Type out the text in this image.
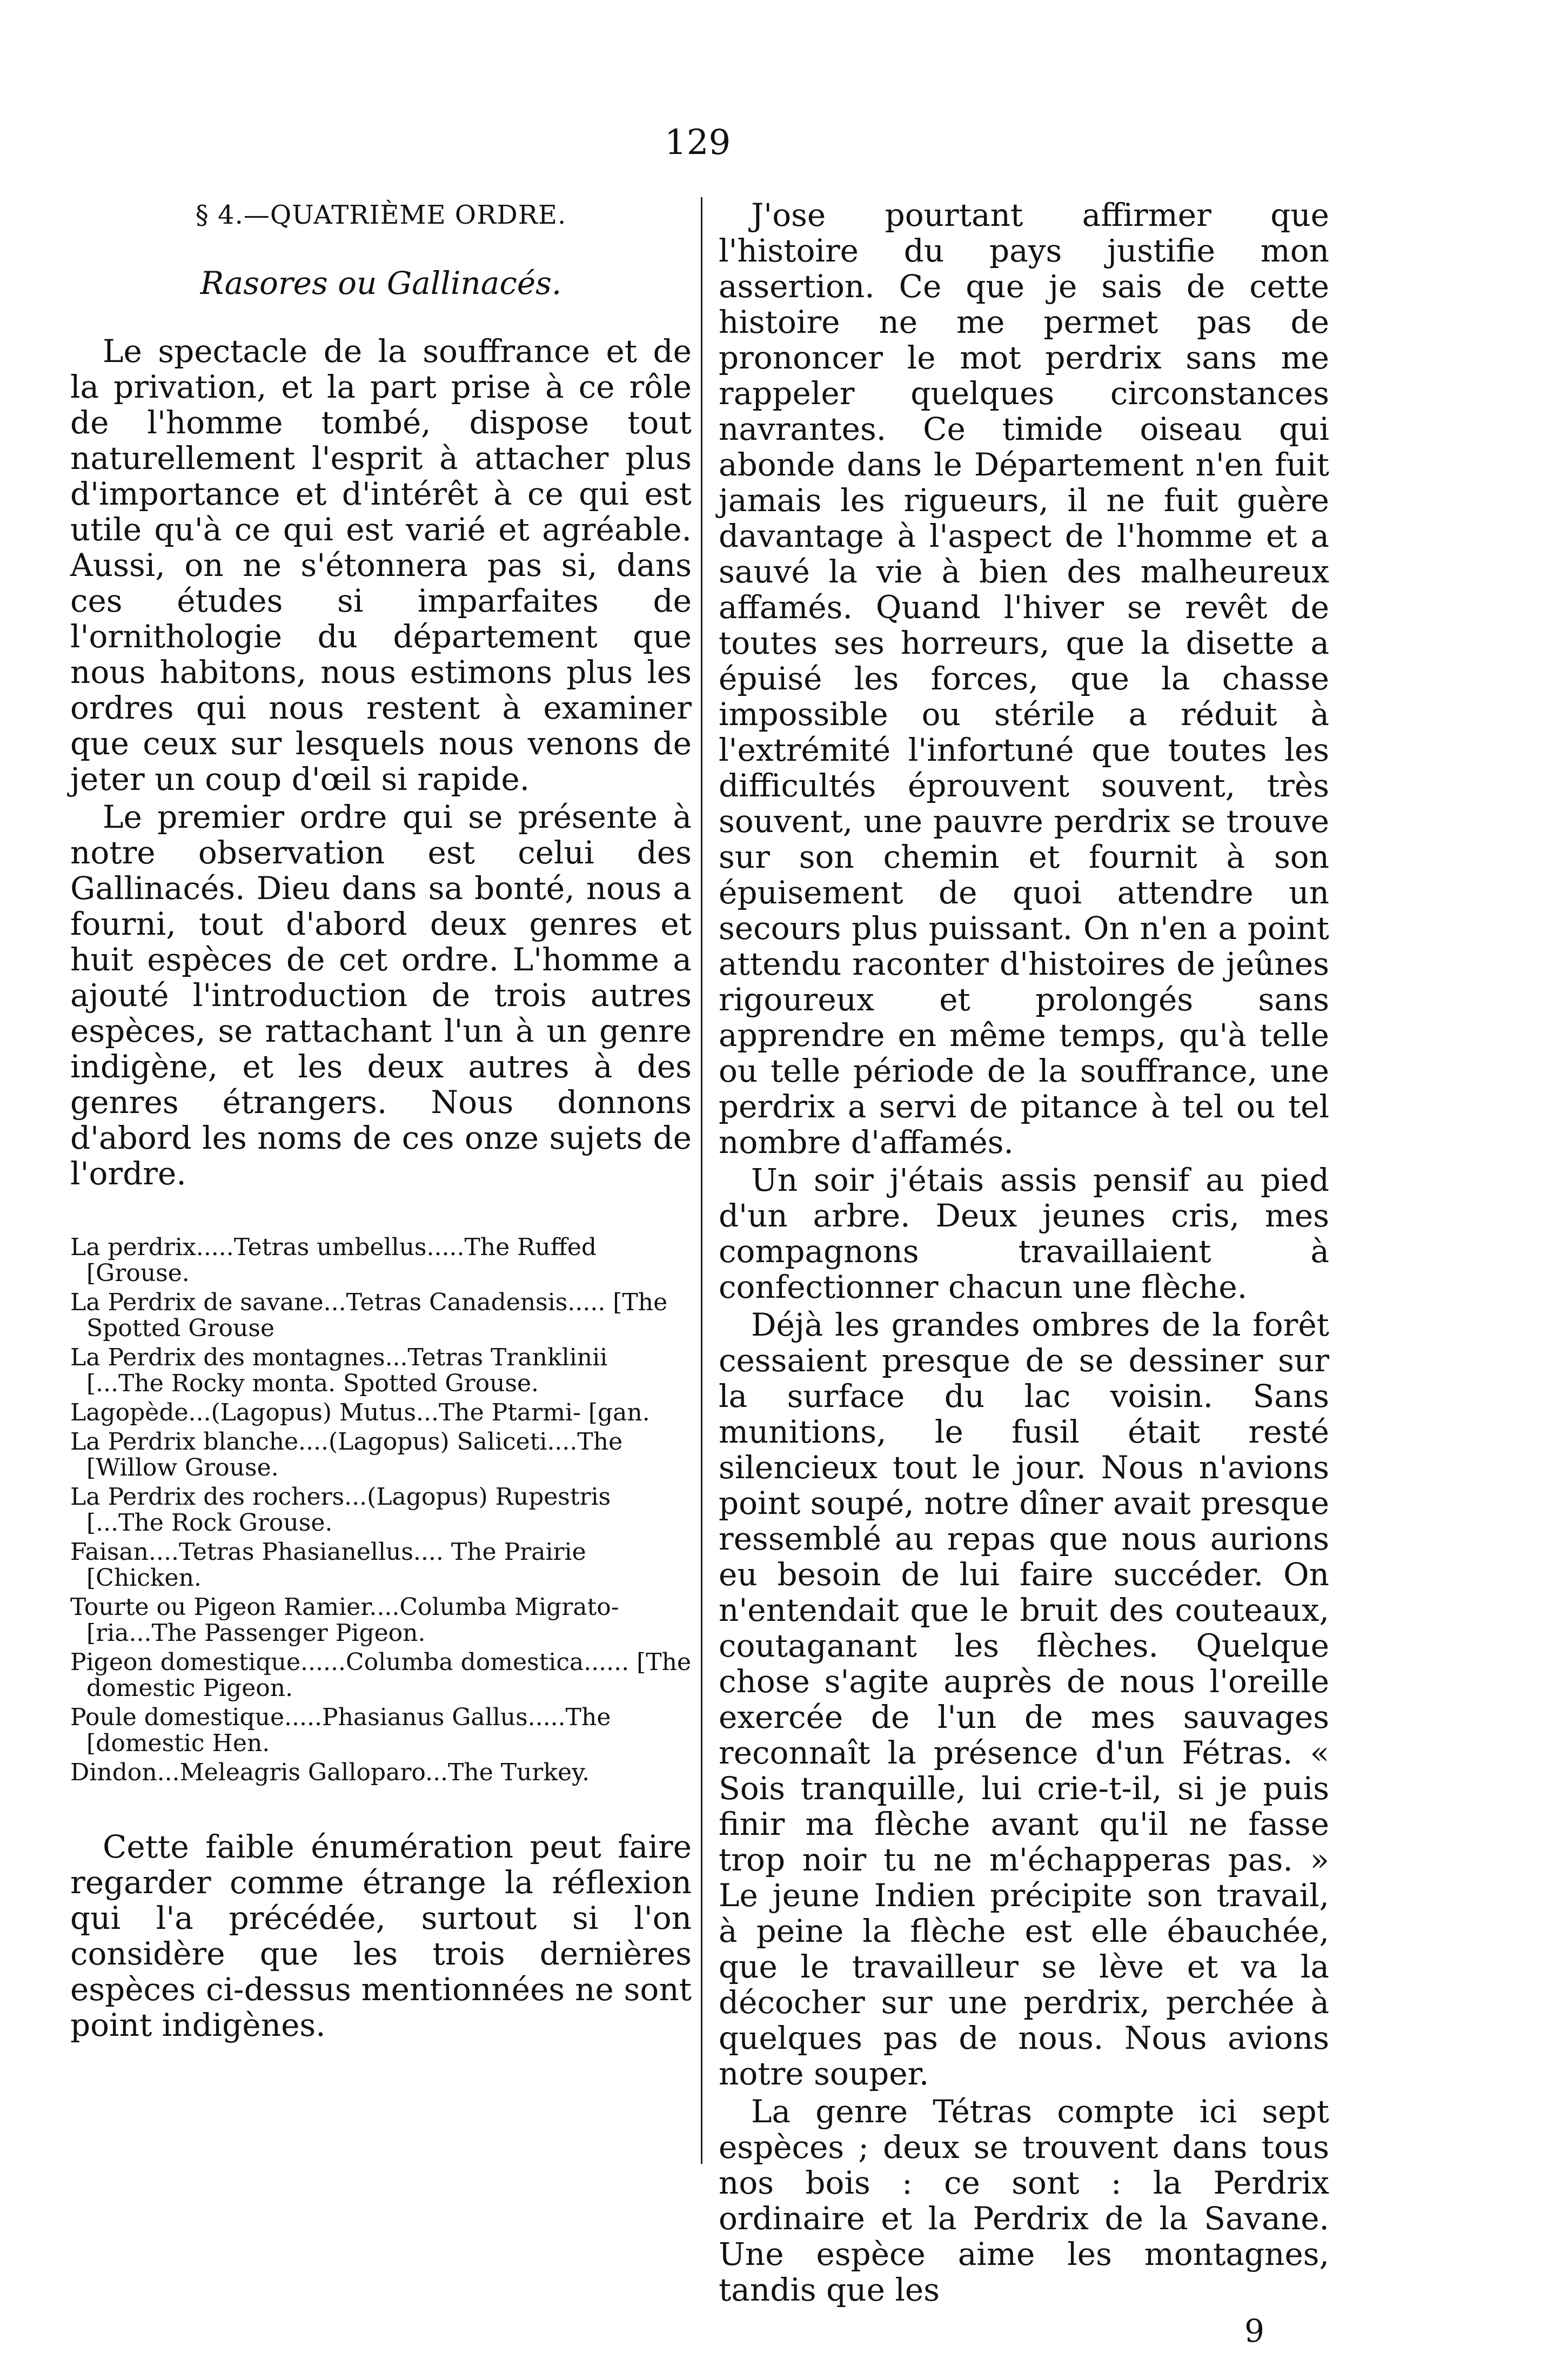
129
§ 4.—QUATRIÈME ORDRE.
Rasores ou Gallinacés.

Le spectacle de la souffrance et de la privation, et la part prise à ce rôle de l'homme tombé, dispose tout naturellement l'esprit à attacher plus d'importance et d'intérêt à ce qui est utile qu'à ce qui est varié et agréable. Aussi, on ne s'étonnera pas si, dans ces études si imparfaites de l'ornithologie du département que nous habitons, nous estimons plus les ordres qui nous restent à examiner que ceux sur lesquels nous venons de jeter un coup d'œil si rapide.

Le premier ordre qui se présente à notre observation est celui des Gallinacés. Dieu dans sa bonté, nous a fourni, tout d'abord deux genres et huit espèces de cet ordre. L'homme a ajouté l'introduction de trois autres espèces, se rattachant l'un à un genre indigène, et les deux autres à des genres étrangers. Nous donnons d'abord les noms de ces onze sujets de l'ordre.

La perdrix.....Tetras umbellus.....The Ruffed [Grouse.
La Perdrix de savane...Tetras Canadensis..... [The Spotted Grouse
La Perdrix des montagnes...Tetras Tranklinii [...The Rocky monta. Spotted Grouse.
Lagopède...(Lagopus) Mutus...The Ptarmi- [gan.
La Perdrix blanche....(Lagopus) Saliceti....The [Willow Grouse.
La Perdrix des rochers...(Lagopus) Rupestris [...The Rock Grouse.
Faisan....Tetras Phasianellus.... The Prairie [Chicken.
Tourte ou Pigeon Ramier....Columba Migrato- [ria...The Passenger Pigeon.
Pigeon domestique......Columba domestica...... [The domestic Pigeon.
Poule domestique.....Phasianus Gallus.....The [domestic Hen.
Dindon...Meleagris Galloparo...The Turkey.

Cette faible énumération peut faire regarder comme étrange la réflexion qui l'a précédée, surtout si l'on considère que les trois dernières espèces ci-dessus mentionnées ne sont point indigènes.

J'ose pourtant affirmer que l'histoire du pays justifie mon assertion. Ce que je sais de cette histoire ne me permet pas de prononcer le mot perdrix sans me rappeler quelques circonstances navrantes. Ce timide oiseau qui abonde dans le Département n'en fuit jamais les rigueurs, il ne fuit guère davantage à l'aspect de l'homme et a sauvé la vie à bien des malheureux affamés. Quand l'hiver se revêt de toutes ses horreurs, que la disette a épuisé les forces, que la chasse impossible ou stérile a réduit à l'extrémité l'infortuné que toutes les difficultés éprouvent souvent, très souvent, une pauvre perdrix se trouve sur son chemin et fournit à son épuisement de quoi attendre un secours plus puissant. On n'en a point attendu raconter d'histoires de jeûnes rigoureux et prolongés sans apprendre en même temps, qu'à telle ou telle période de la souffrance, une perdrix a servi de pitance à tel ou tel nombre d'affamés.

Un soir j'étais assis pensif au pied d'un arbre. Deux jeunes cris, mes compagnons travaillaient à confectionner chacun une flèche.

Déjà les grandes ombres de la forêt cessaient presque de se dessiner sur la surface du lac voisin. Sans munitions, le fusil était resté silencieux tout le jour. Nous n'avions point soupé, notre dîner avait presque ressemblé au repas que nous aurions eu besoin de lui faire succéder. On n'entendait que le bruit des couteaux, coutaganant les flèches. Quelque chose s'agite auprès de nous l'oreille exercée de l'un de mes sauvages reconnaît la présence d'un Fétras. « Sois tranquille, lui crie-t-il, si je puis finir ma flèche avant qu'il ne fasse trop noir tu ne m'échapperas pas. » Le jeune Indien précipite son travail, à peine la flèche est elle ébauchée, que le travailleur se lève et va la décocher sur une perdrix, perchée à quelques pas de nous. Nous avions notre souper.

La genre Tétras compte ici sept espèces ; deux se trouvent dans tous nos bois : ce sont : la Perdrix ordinaire et la Perdrix de la Savane. Une espèce aime les montagnes, tandis que les

9
